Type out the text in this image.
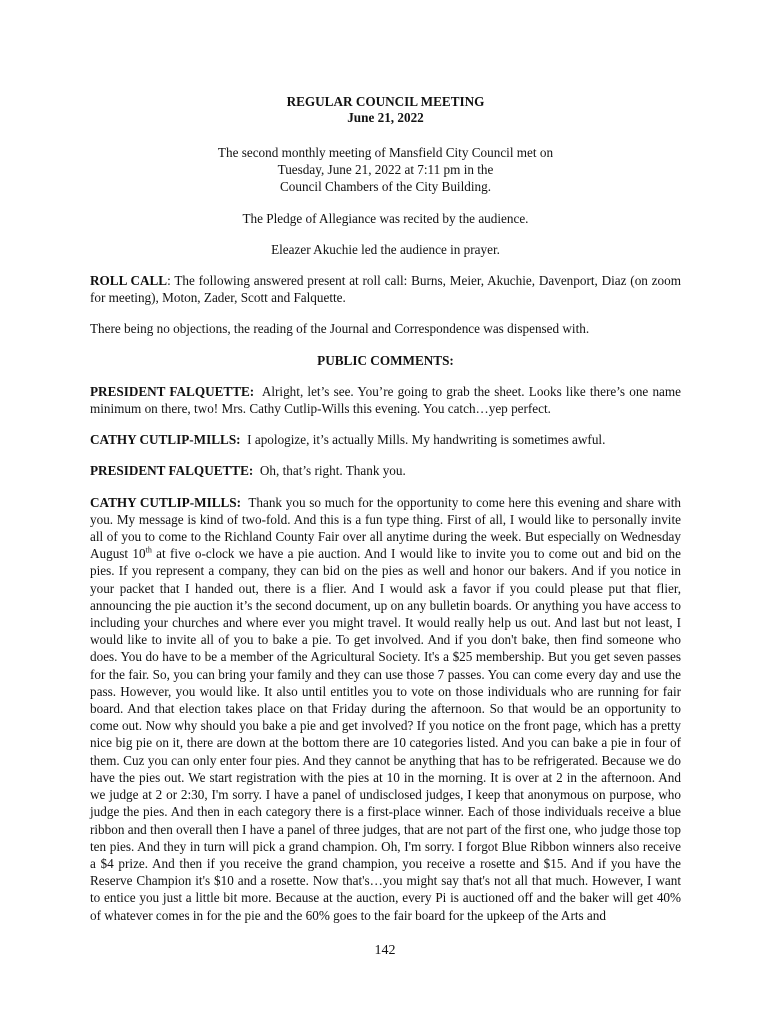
REGULAR COUNCIL MEETING
June 21, 2022
The second monthly meeting of Mansfield City Council met on
Tuesday, June 21, 2022 at 7:11 pm in the
Council Chambers of the City Building.

The Pledge of Allegiance was recited by the audience.

Eleazer Akuchie led the audience in prayer.

ROLL CALL: The following answered present at roll call: Burns, Meier, Akuchie, Davenport, Diaz (on zoom for meeting), Moton, Zader, Scott and Falquette.

There being no objections, the reading of the Journal and Correspondence was dispensed with.

PUBLIC COMMENTS:

PRESIDENT FALQUETTE: Alright, let’s see. You’re going to grab the sheet. Looks like there’s one name minimum on there, two! Mrs. Cathy Cutlip-Wills this evening. You catch…yep perfect.

CATHY CUTLIP-MILLS: I apologize, it’s actually Mills. My handwriting is sometimes awful.

PRESIDENT FALQUETTE: Oh, that’s right. Thank you.

CATHY CUTLIP-MILLS: Thank you so much for the opportunity to come here this evening and share with you. My message is kind of two-fold. And this is a fun type thing. First of all, I would like to personally invite all of you to come to the Richland County Fair over all anytime during the week. But especially on Wednesday August 10th at five o-clock we have a pie auction. And I would like to invite you to come out and bid on the pies. If you represent a company, they can bid on the pies as well and honor our bakers. And if you notice in your packet that I handed out, there is a flier. And I would ask a favor if you could please put that flier, announcing the pie auction it’s the second document, up on any bulletin boards. Or anything you have access to including your churches and where ever you might travel. It would really help us out. And last but not least, I would like to invite all of you to bake a pie. To get involved. And if you don't bake, then find someone who does. You do have to be a member of the Agricultural Society. It's a $25 membership. But you get seven passes for the fair. So, you can bring your family and they can use those 7 passes. You can come every day and use the pass. However, you would like. It also until entitles you to vote on those individuals who are running for fair board. And that election takes place on that Friday during the afternoon. So that would be an opportunity to come out. Now why should you bake a pie and get involved? If you notice on the front page, which has a pretty nice big pie on it, there are down at the bottom there are 10 categories listed. And you can bake a pie in four of them. Cuz you can only enter four pies. And they cannot be anything that has to be refrigerated. Because we do have the pies out. We start registration with the pies at 10 in the morning. It is over at 2 in the afternoon. And we judge at 2 or 2:30, I'm sorry. I have a panel of undisclosed judges, I keep that anonymous on purpose, who judge the pies. And then in each category there is a first-place winner. Each of those individuals receive a blue ribbon and then overall then I have a panel of three judges, that are not part of the first one, who judge those top ten pies. And they in turn will pick a grand champion. Oh, I'm sorry. I forgot Blue Ribbon winners also receive a $4 prize. And then if you receive the grand champion, you receive a rosette and $15. And if you have the Reserve Champion it's $10 and a rosette. Now that's…you might say that's not all that much. However, I want to entice you just a little bit more. Because at the auction, every Pi is auctioned off and the baker will get 40% of whatever comes in for the pie and the 60% goes to the fair board for the upkeep of the Arts and

142
